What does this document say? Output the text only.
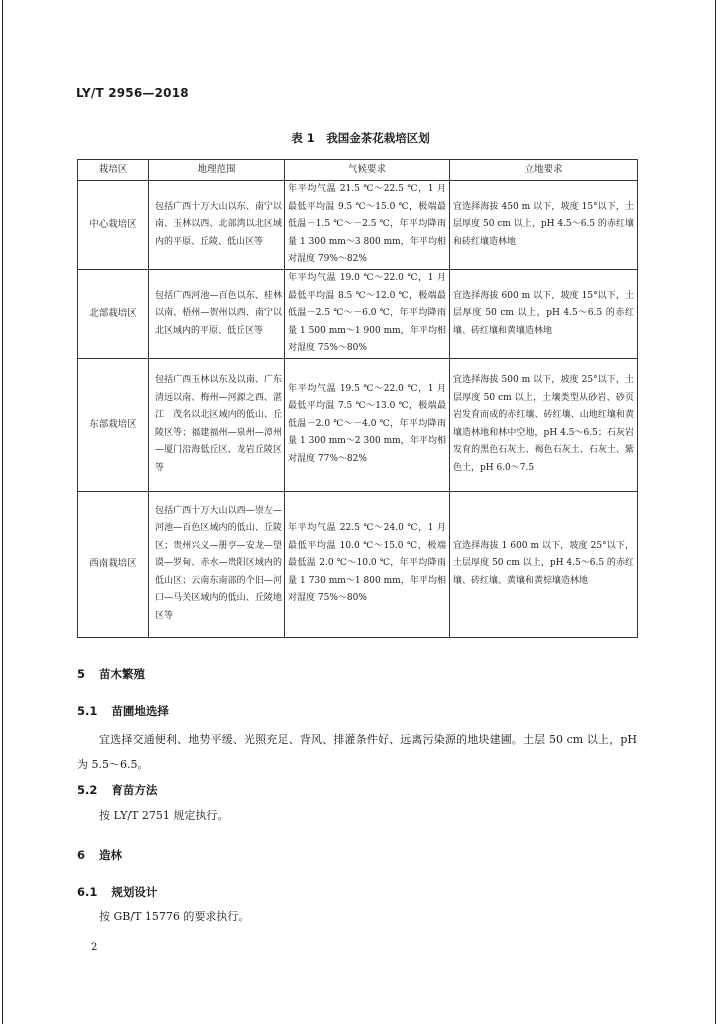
LY/T 2956—2018
表 1　我国金茶花栽培区划
栽培区	地理范围	气候要求	立地要求
中心栽培区	包括广西十万大山以东、南宁以南、玉林以西、北部湾以北区域内的平原、丘陵、低山区等	年平均气温 21.5 ℃～22.5 ℃，1 月最低平均温 9.5 ℃～15.0 ℃，极端最低温－1.5 ℃～－2.5 ℃，年平均降雨量 1 300 mm～3 800 mm，年平均相对湿度 79%～82%	宜选择海拔 450 m 以下，坡度 15°以下，土层厚度 50 cm 以上，pH 4.5～6.5 的赤红壤和砖红壤造林地
北部栽培区	包括广西河池—百色以东、桂林以南、梧州—贺州以西、南宁以北区域内的平原、低丘区等	年平均气温 19.0 ℃～22.0 ℃，1 月最低平均温 8.5 ℃～12.0 ℃，极端最低温－2.5 ℃～－6.0 ℃，年平均降雨量 1 500 mm～1 900 mm，年平均相对湿度 75%～80%	宜选择海拔 600 m 以下，坡度 15°以下，土层厚度 50 cm 以上，pH 4.5～6.5 的赤红壤、砖红壤和黄壤造林地
东部栽培区	包括广西玉林以东及以南、广东清远以南、梅州—河源之西、湛江　茂名以北区域内的低山、丘陵区等；福建福州—泉州—漳州—厦门沿海低丘区、龙岩丘陵区等	年平均气温 19.5 ℃～22.0 ℃，1 月最低平均温 7.5 ℃～13.0 ℃，极端最低温－2.0 ℃～－4.0 ℃，年平均降雨量 1 300 mm～2 300 mm，年平均相对湿度 77%～82%	宜选择海拔 500 m 以下，坡度 25°以下，土层厚度 50 cm 以上，土壤类型从砂岩、砂页岩发育而成的赤红壤、砖红壤、山地红壤和黄壤造林地和林中空地，pH 4.5～6.5；石灰岩发育的黑色石灰土、褐色石灰土、石灰土、紫色土，pH 6.0～7.5
西南栽培区	包括广西十万大山以西—崇左—河池—百色区域内的低山、丘陵区；贵州兴义—册亨—安龙—望谟—罗甸、赤水—贵阳区域内的低山区；云南东南部的个旧—河口—马关区域内的低山、丘陵地区等	年平均气温 22.5 ℃～24.0 ℃，1 月最低平均温 10.0 ℃～15.0 ℃，极端最低温 2.0 ℃～10.0 ℃，年平均降雨量 1 730 mm～1 800 mm，年平均相对湿度 75%～80%	宜选择海拔 1 600 m 以下，坡度 25°以下，土层厚度 50 cm 以上，pH 4.5～6.5 的赤红壤、砖红壤、黄壤和黄棕壤造林地
5 苗木繁殖
5.1 苗圃地选择
宜选择交通便利、地势平缓、光照充足、背风、排灌条件好、远离污染源的地块建圃。土层 50 cm 以上，pH 为 5.5～6.5。
5.2 育苗方法
按 LY/T 2751 规定执行。
6 造林
6.1 规划设计
按 GB/T 15776 的要求执行。
2
